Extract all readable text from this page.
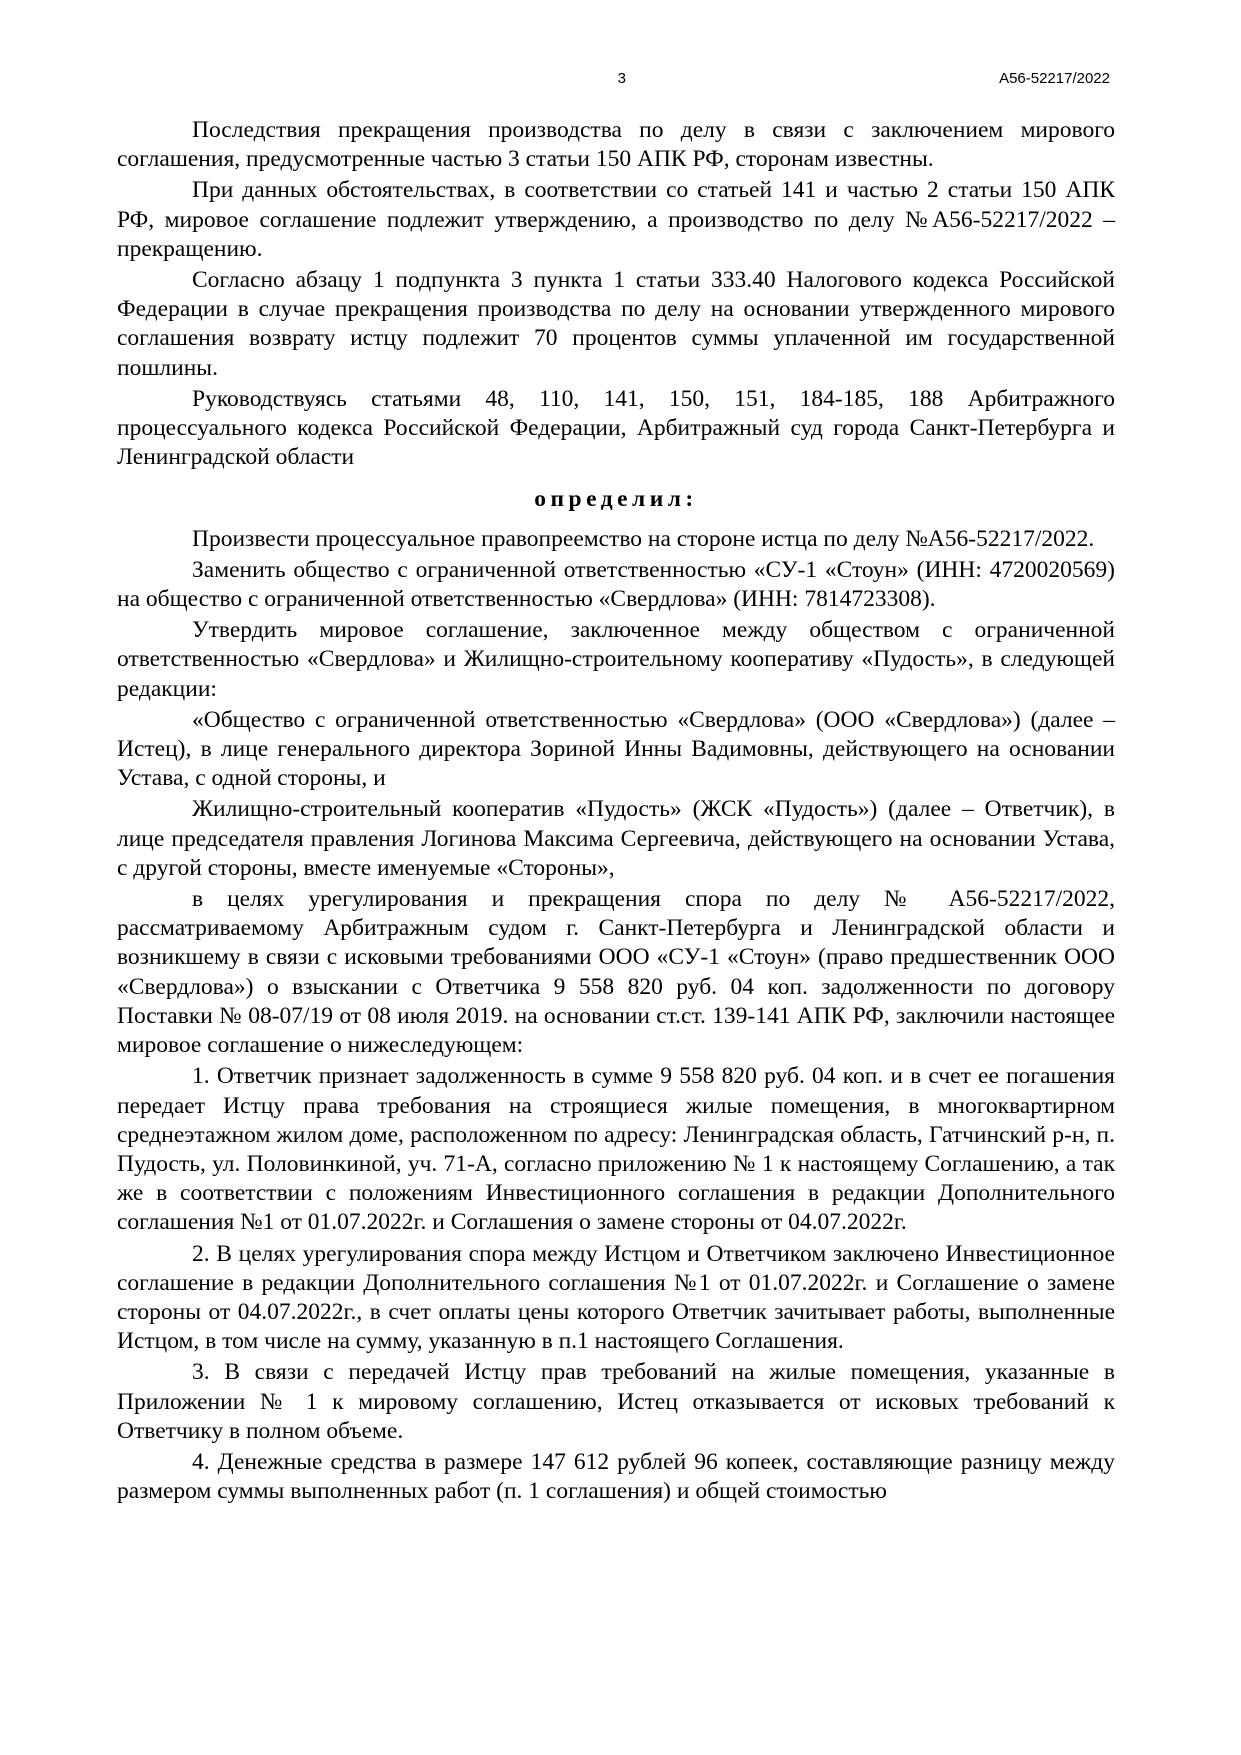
3	А56-52217/2022

Последствия прекращения производства по делу в связи с заключением мирового соглашения, предусмотренные частью 3 статьи 150 АПК РФ, сторонам известны.

При данных обстоятельствах, в соответствии со статьей 141 и частью 2 статьи 150 АПК РФ, мировое соглашение подлежит утверждению, а производство по делу №А56-52217/2022 – прекращению.

Согласно абзацу 1 подпункта 3 пункта 1 статьи 333.40 Налогового кодекса Российской Федерации в случае прекращения производства по делу на основании утвержденного мирового соглашения возврату истцу подлежит 70 процентов суммы уплаченной им государственной пошлины.

Руководствуясь статьями 48, 110, 141, 150, 151, 184-185, 188 Арбитражного процессуального кодекса Российской Федерации, Арбитражный суд города Санкт-Петербурга и Ленинградской области

определил:

Произвести процессуальное правопреемство на стороне истца по делу №А56-52217/2022.

Заменить общество с ограниченной ответственностью «СУ-1 «Стоун» (ИНН: 4720020569) на общество с ограниченной ответственностью «Свердлова» (ИНН: 7814723308).

Утвердить мировое соглашение, заключенное между обществом с ограниченной ответственностью «Свердлова» и Жилищно-строительному кооперативу «Пудость», в следующей редакции:

«Общество с ограниченной ответственностью «Свердлова» (ООО «Свердлова») (далее – Истец), в лице генерального директора Зориной Инны Вадимовны, действующего на основании Устава, с одной стороны, и

Жилищно-строительный кооператив «Пудость» (ЖСК «Пудость») (далее – Ответчик), в лице председателя правления Логинова Максима Сергеевича, действующего на основании Устава, с другой стороны, вместе именуемые «Стороны»,

в целях урегулирования и прекращения спора по делу № А56-52217/2022, рассматриваемому Арбитражным судом г. Санкт-Петербурга и Ленинградской области и возникшему в связи с исковыми требованиями ООО «СУ-1 «Стоун» (право предшественник ООО «Свердлова») о взыскании с Ответчика 9 558 820 руб. 04 коп. задолженности по договору Поставки № 08-07/19 от 08 июля 2019. на основании ст.ст. 139-141 АПК РФ, заключили настоящее мировое соглашение о нижеследующем:

1. Ответчик признает задолженность в сумме 9 558 820 руб. 04 коп. и в счет ее погашения передает Истцу права требования на строящиеся жилые помещения, в многоквартирном среднеэтажном жилом доме, расположенном по адресу: Ленинградская область, Гатчинский р-н, п. Пудость, ул. Половинкиной, уч. 71-А, согласно приложению № 1 к настоящему Соглашению, а так же в соответствии с положениям Инвестиционного соглашения в редакции Дополнительного соглашения №1 от 01.07.2022г. и Соглашения о замене стороны от 04.07.2022г.

2. В целях урегулирования спора между Истцом и Ответчиком заключено Инвестиционное соглашение в редакции Дополнительного соглашения №1 от 01.07.2022г. и Соглашение о замене стороны от 04.07.2022г., в счет оплаты цены которого Ответчик зачитывает работы, выполненные Истцом, в том числе на сумму, указанную в п.1 настоящего Соглашения.

3. В связи с передачей Истцу прав требований на жилые помещения, указанные в Приложении № 1 к мировому соглашению, Истец отказывается от исковых требований к Ответчику в полном объеме.

4. Денежные средства в размере 147 612 рублей 96 копеек, составляющие разницу между размером суммы выполненных работ (п. 1 соглашения) и общей стоимостью
